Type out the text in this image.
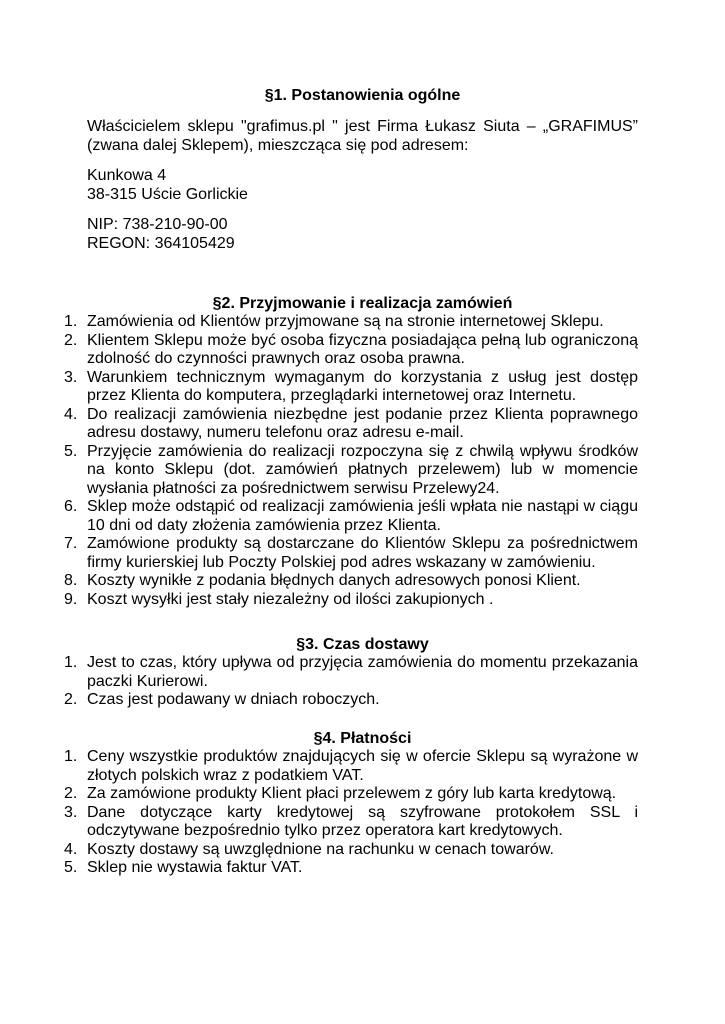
§1. Postanowienia ogólne

Właścicielem sklepu "grafimus.pl " jest Firma Łukasz Siuta – „GRAFIMUS” (zwana dalej Sklepem), mieszcząca się pod adresem:

Kunkowa 4
38-315 Uście Gorlickie

NIP: 738-210-90-00
REGON: 364105429

§2. Przyjmowanie i realizacja zamówień
1. Zamówienia od Klientów przyjmowane są na stronie internetowej Sklepu.
2. Klientem Sklepu może być osoba fizyczna posiadająca pełną lub ograniczoną zdolność do czynności prawnych oraz osoba prawna.
3. Warunkiem technicznym wymaganym do korzystania z usług jest dostęp przez Klienta do komputera, przeglądarki internetowej oraz Internetu.
4. Do realizacji zamówienia niezbędne jest podanie przez Klienta poprawnego adresu dostawy, numeru telefonu oraz adresu e-mail.
5. Przyjęcie zamówienia do realizacji rozpoczyna się z chwilą wpływu środków na konto Sklepu (dot. zamówień płatnych przelewem) lub w momencie wysłania płatności za pośrednictwem serwisu Przelewy24.
6. Sklep może odstąpić od realizacji zamówienia jeśli wpłata nie nastąpi w ciągu 10 dni od daty złożenia zamówienia przez Klienta.
7. Zamówione produkty są dostarczane do Klientów Sklepu za pośrednictwem firmy kurierskiej lub Poczty Polskiej pod adres wskazany w zamówieniu.
8. Koszty wynikłe z podania błędnych danych adresowych ponosi Klient.
9. Koszt wysyłki jest stały niezależny od ilości zakupionych .
§3. Czas dostawy
1. Jest to czas, który upływa od przyjęcia zamówienia do momentu przekazania paczki Kurierowi.
2. Czas jest podawany w dniach roboczych.
§4. Płatności
1. Ceny wszystkie produktów znajdujących się w ofercie Sklepu są wyrażone w złotych polskich wraz z podatkiem VAT.
2. Za zamówione produkty Klient płaci przelewem z góry lub karta kredytową.
3. Dane dotyczące karty kredytowej są szyfrowane protokołem SSL i odczytywane bezpośrednio tylko przez operatora kart kredytowych.
4. Koszty dostawy są uwzględnione na rachunku w cenach towarów.
5. Sklep nie wystawia faktur VAT.
